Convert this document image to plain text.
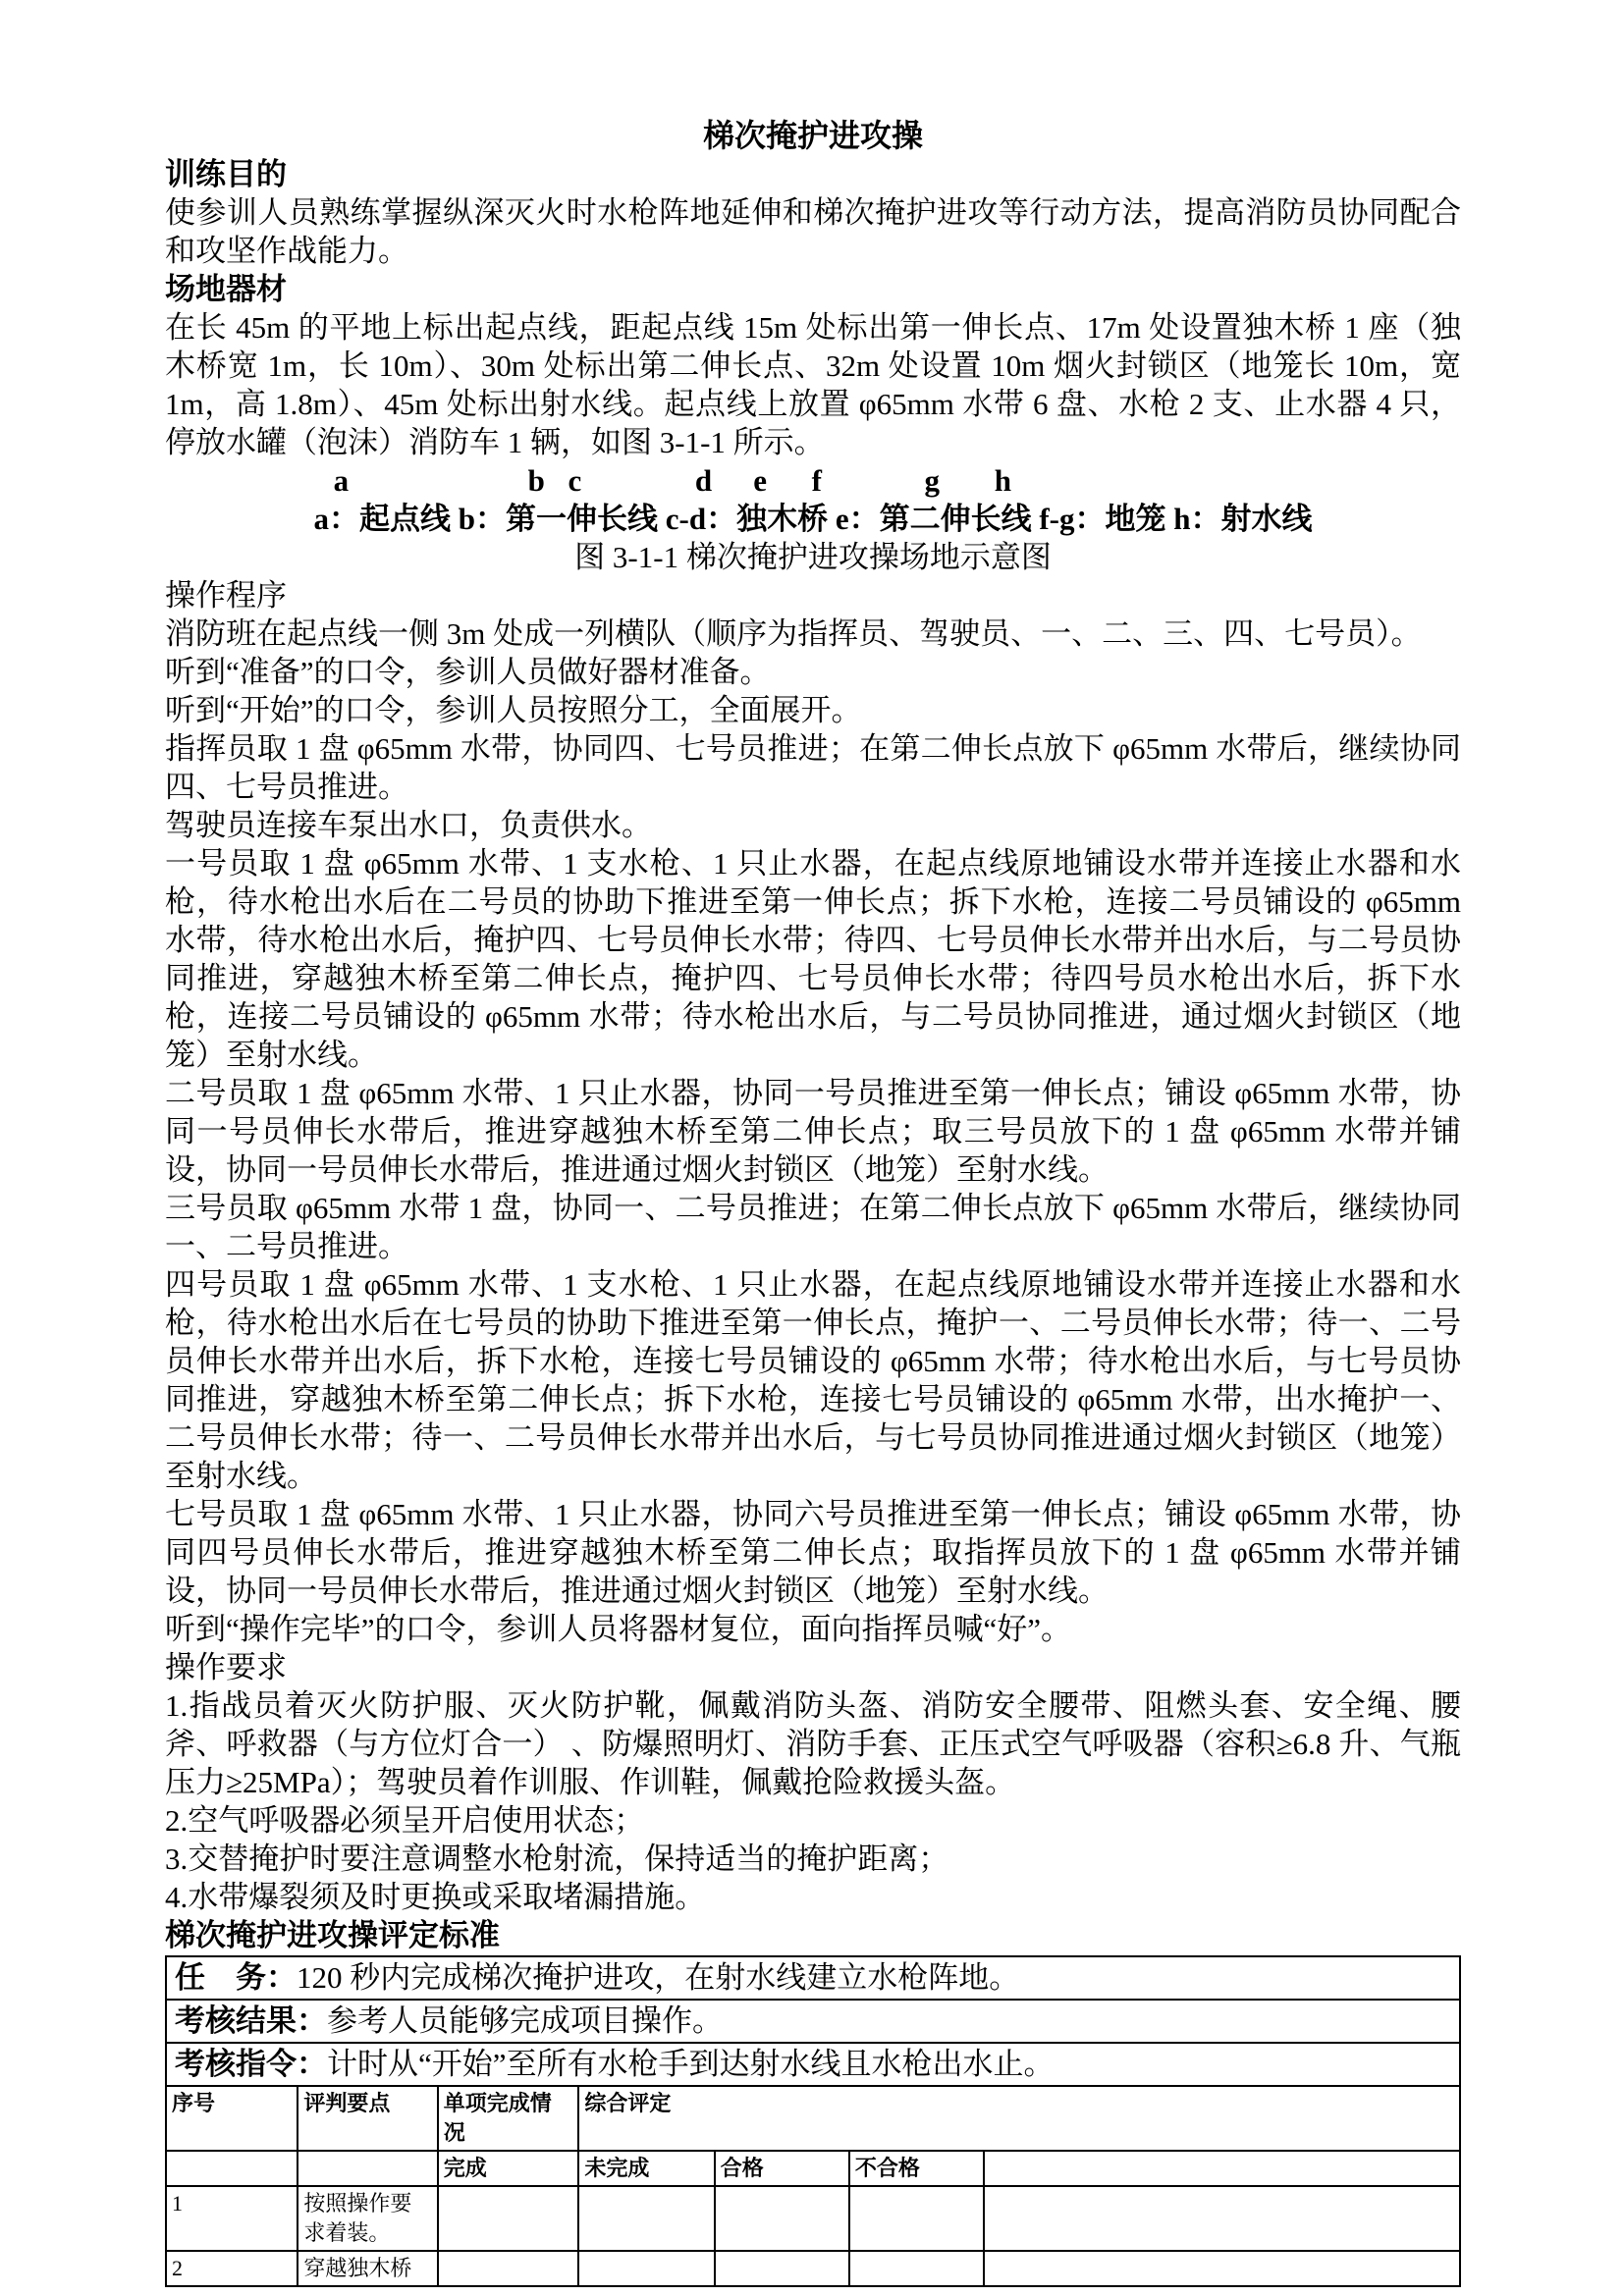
梯次掩护进攻操
训练目的

使参训人员熟练掌握纵深灭火时水枪阵地延伸和梯次掩护进攻等行动方法，提高消防员协同配合和攻坚作战能力。

场地器材

在长 45m 的平地上标出起点线，距起点线 15m 处标出第一伸长点、17m 处设置独木桥 1 座（独木桥宽 1m，长 10m）、30m 处标出第二伸长点、32m 处设置 10m 烟火封锁区（地笼长 10m，宽 1m，高 1.8m）、45m 处标出射水线。起点线上放置 φ65mm 水带 6 盘、水枪 2 支、止水器 4 只，停放水罐（泡沫）消防车 1 辆，如图 3-1-1 所示。

a	b c	d e f	g h

a：起点线 b：第一伸长线 c-d：独木桥 e：第二伸长线 f-g：地笼 h：射水线

图 3-1-1 梯次掩护进攻操场地示意图

操作程序

消防班在起点线一侧 3m 处成一列横队（顺序为指挥员、驾驶员、一、二、三、四、七号员）。

听到“准备”的口令，参训人员做好器材准备。

听到“开始”的口令，参训人员按照分工，全面展开。

指挥员取 1 盘 φ65mm 水带，协同四、七号员推进；在第二伸长点放下 φ65mm 水带后，继续协同四、七号员推进。

驾驶员连接车泵出水口，负责供水。

一号员取 1 盘 φ65mm 水带、1 支水枪、1 只止水器，在起点线原地铺设水带并连接止水器和水枪，待水枪出水后在二号员的协助下推进至第一伸长点；拆下水枪，连接二号员铺设的 φ65mm 水带，待水枪出水后，掩护四、七号员伸长水带；待四、七号员伸长水带并出水后，与二号员协同推进，穿越独木桥至第二伸长点，掩护四、七号员伸长水带；待四号员水枪出水后，拆下水枪，连接二号员铺设的 φ65mm 水带；待水枪出水后，与二号员协同推进，通过烟火封锁区（地笼）至射水线。

二号员取 1 盘 φ65mm 水带、1 只止水器，协同一号员推进至第一伸长点；铺设 φ65mm 水带，协同一号员伸长水带后，推进穿越独木桥至第二伸长点；取三号员放下的 1 盘 φ65mm 水带并铺设，协同一号员伸长水带后，推进通过烟火封锁区（地笼）至射水线。

三号员取 φ65mm 水带 1 盘，协同一、二号员推进；在第二伸长点放下 φ65mm 水带后，继续协同一、二号员推进。

四号员取 1 盘 φ65mm 水带、1 支水枪、1 只止水器，在起点线原地铺设水带并连接止水器和水枪，待水枪出水后在七号员的协助下推进至第一伸长点，掩护一、二号员伸长水带；待一、二号员伸长水带并出水后，拆下水枪，连接七号员铺设的 φ65mm 水带；待水枪出水后，与七号员协同推进，穿越独木桥至第二伸长点；拆下水枪，连接七号员铺设的 φ65mm 水带，出水掩护一、二号员伸长水带；待一、二号员伸长水带并出水后，与七号员协同推进通过烟火封锁区（地笼）至射水线。

七号员取 1 盘 φ65mm 水带、1 只止水器，协同六号员推进至第一伸长点；铺设 φ65mm 水带，协同四号员伸长水带后，推进穿越独木桥至第二伸长点；取指挥员放下的 1 盘 φ65mm 水带并铺设，协同一号员伸长水带后，推进通过烟火封锁区（地笼）至射水线。

听到“操作完毕”的口令，参训人员将器材复位，面向指挥员喊“好”。

操作要求

1.指战员着灭火防护服、灭火防护靴，佩戴消防头盔、消防安全腰带、阻燃头套、安全绳、腰斧、呼救器（与方位灯合一） 、防爆照明灯、消防手套、正压式空气呼吸器（容积≥6.8 升、气瓶压力≥25MPa）；驾驶员着作训服、作训鞋，佩戴抢险救援头盔。

2.空气呼吸器必须呈开启使用状态；

3.交替掩护时要注意调整水枪射流，保持适当的掩护距离；

4.水带爆裂须及时更换或采取堵漏措施。

梯次掩护进攻操评定标准
任　务：120 秒内完成梯次掩护进攻，在射水线建立水枪阵地。						
考核结果：参考人员能够完成项目操作。						
考核指令：计时从“开始”至所有水枪手到达射水线且水枪出水止。						
序号	评判要点	单项完成情况	综合评定			
		完成	未完成	合格	不合格	
1	按照操作要求着装。					
2	穿越独木桥					
